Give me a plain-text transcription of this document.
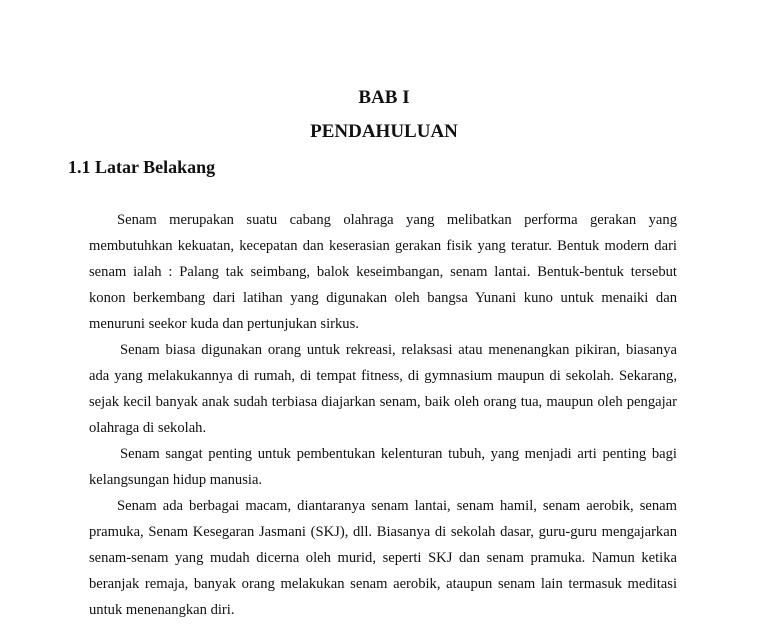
BAB I
PENDAHULUAN
1.1 Latar Belakang

Senam merupakan suatu cabang olahraga yang melibatkan performa gerakan yang membutuhkan kekuatan, kecepatan dan keserasian gerakan fisik yang teratur. Bentuk modern dari senam ialah : Palang tak seimbang, balok keseimbangan, senam lantai. Bentuk-bentuk tersebut konon berkembang dari latihan yang digunakan oleh bangsa Yunani kuno untuk menaiki dan menuruni seekor kuda dan pertunjukan sirkus.

Senam biasa digunakan orang untuk rekreasi, relaksasi atau menenangkan pikiran, biasanya ada yang melakukannya di rumah, di tempat fitness, di gymnasium maupun di sekolah. Sekarang, sejak kecil banyak anak sudah terbiasa diajarkan senam, baik oleh orang tua, maupun oleh pengajar olahraga di sekolah.

Senam sangat penting untuk pembentukan kelenturan tubuh, yang menjadi arti penting bagi kelangsungan hidup manusia.

Senam ada berbagai macam, diantaranya senam lantai, senam hamil, senam aerobik, senam pramuka, Senam Kesegaran Jasmani (SKJ), dll. Biasanya di sekolah dasar, guru-guru mengajarkan senam-senam yang mudah dicerna oleh murid, seperti SKJ dan senam pramuka. Namun ketika beranjak remaja, banyak orang melakukan senam aerobik, ataupun senam lain termasuk meditasi untuk menenangkan diri.
